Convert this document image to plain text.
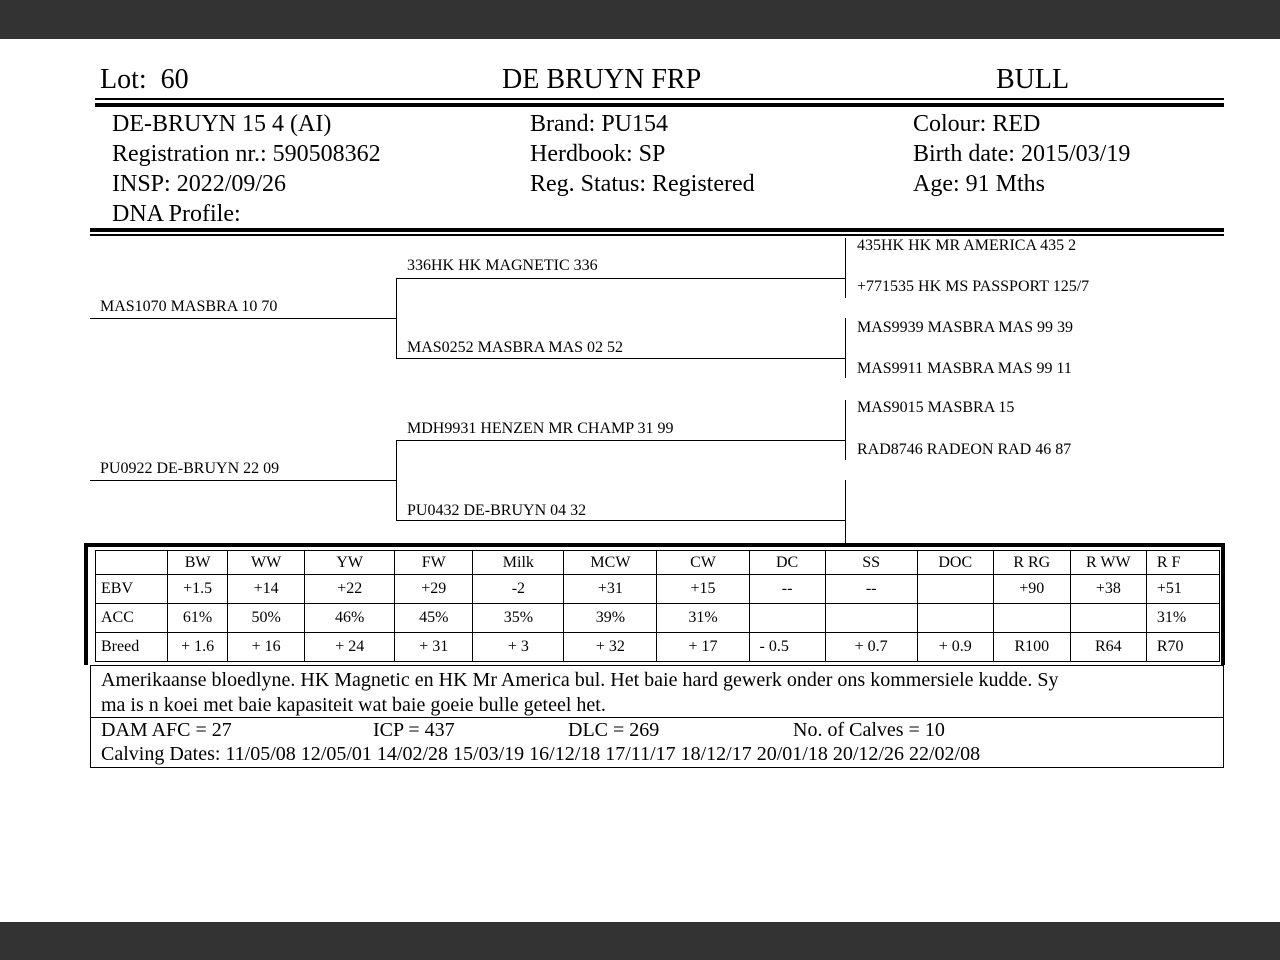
Lot: 60	DE BRUYN FRP	BULL
DE-BRUYN 15 4 (AI)
Registration nr.: 590508362
INSP: 2022/09/26
DNA Profile:
Brand: PU154
Herdbook: SP
Reg. Status: Registered
Colour: RED
Birth date: 2015/03/19
Age: 91 Mths
MAS1070 MASBRA 10 70
PU0922 DE-BRUYN 22 09
336HK HK MAGNETIC 336
MAS0252 MASBRA MAS 02 52
MDH9931 HENZEN MR CHAMP 31 99
PU0432 DE-BRUYN 04 32
435HK HK MR AMERICA 435 2
+771535 HK MS PASSPORT 125/7
MAS9939 MASBRA MAS 99 39
MAS9911 MASBRA MAS 99 11
MAS9015 MASBRA 15
RAD8746 RADEON RAD 46 87
	BW	WW	YW	FW	Milk	MCW	CW	DC	SS	DOC	R RG	R WW	R F
EBV	+1.5	+14	+22	+29	-2	+31	+15	--	--		+90	+38	+51
ACC	61%	50%	46%	45%	35%	39%	31%						31%
Breed	+ 1.6	+ 16	+ 24	+ 31	+ 3	+ 32	+ 17	- 0.5	+ 0.7	+ 0.9	R100	R64	R70
Amerikaanse bloedlyne. HK Magnetic en HK Mr America bul. Het baie hard gewerk onder ons kommersiele kudde. Sy
ma is n koei met baie kapasiteit wat baie goeie bulle geteel het.
DAM AFC = 27	ICP = 437	DLC = 269	No. of Calves = 10
Calving Dates: 11/05/08 12/05/01 14/02/28 15/03/19 16/12/18 17/11/17 18/12/17 20/01/18 20/12/26 22/02/08
